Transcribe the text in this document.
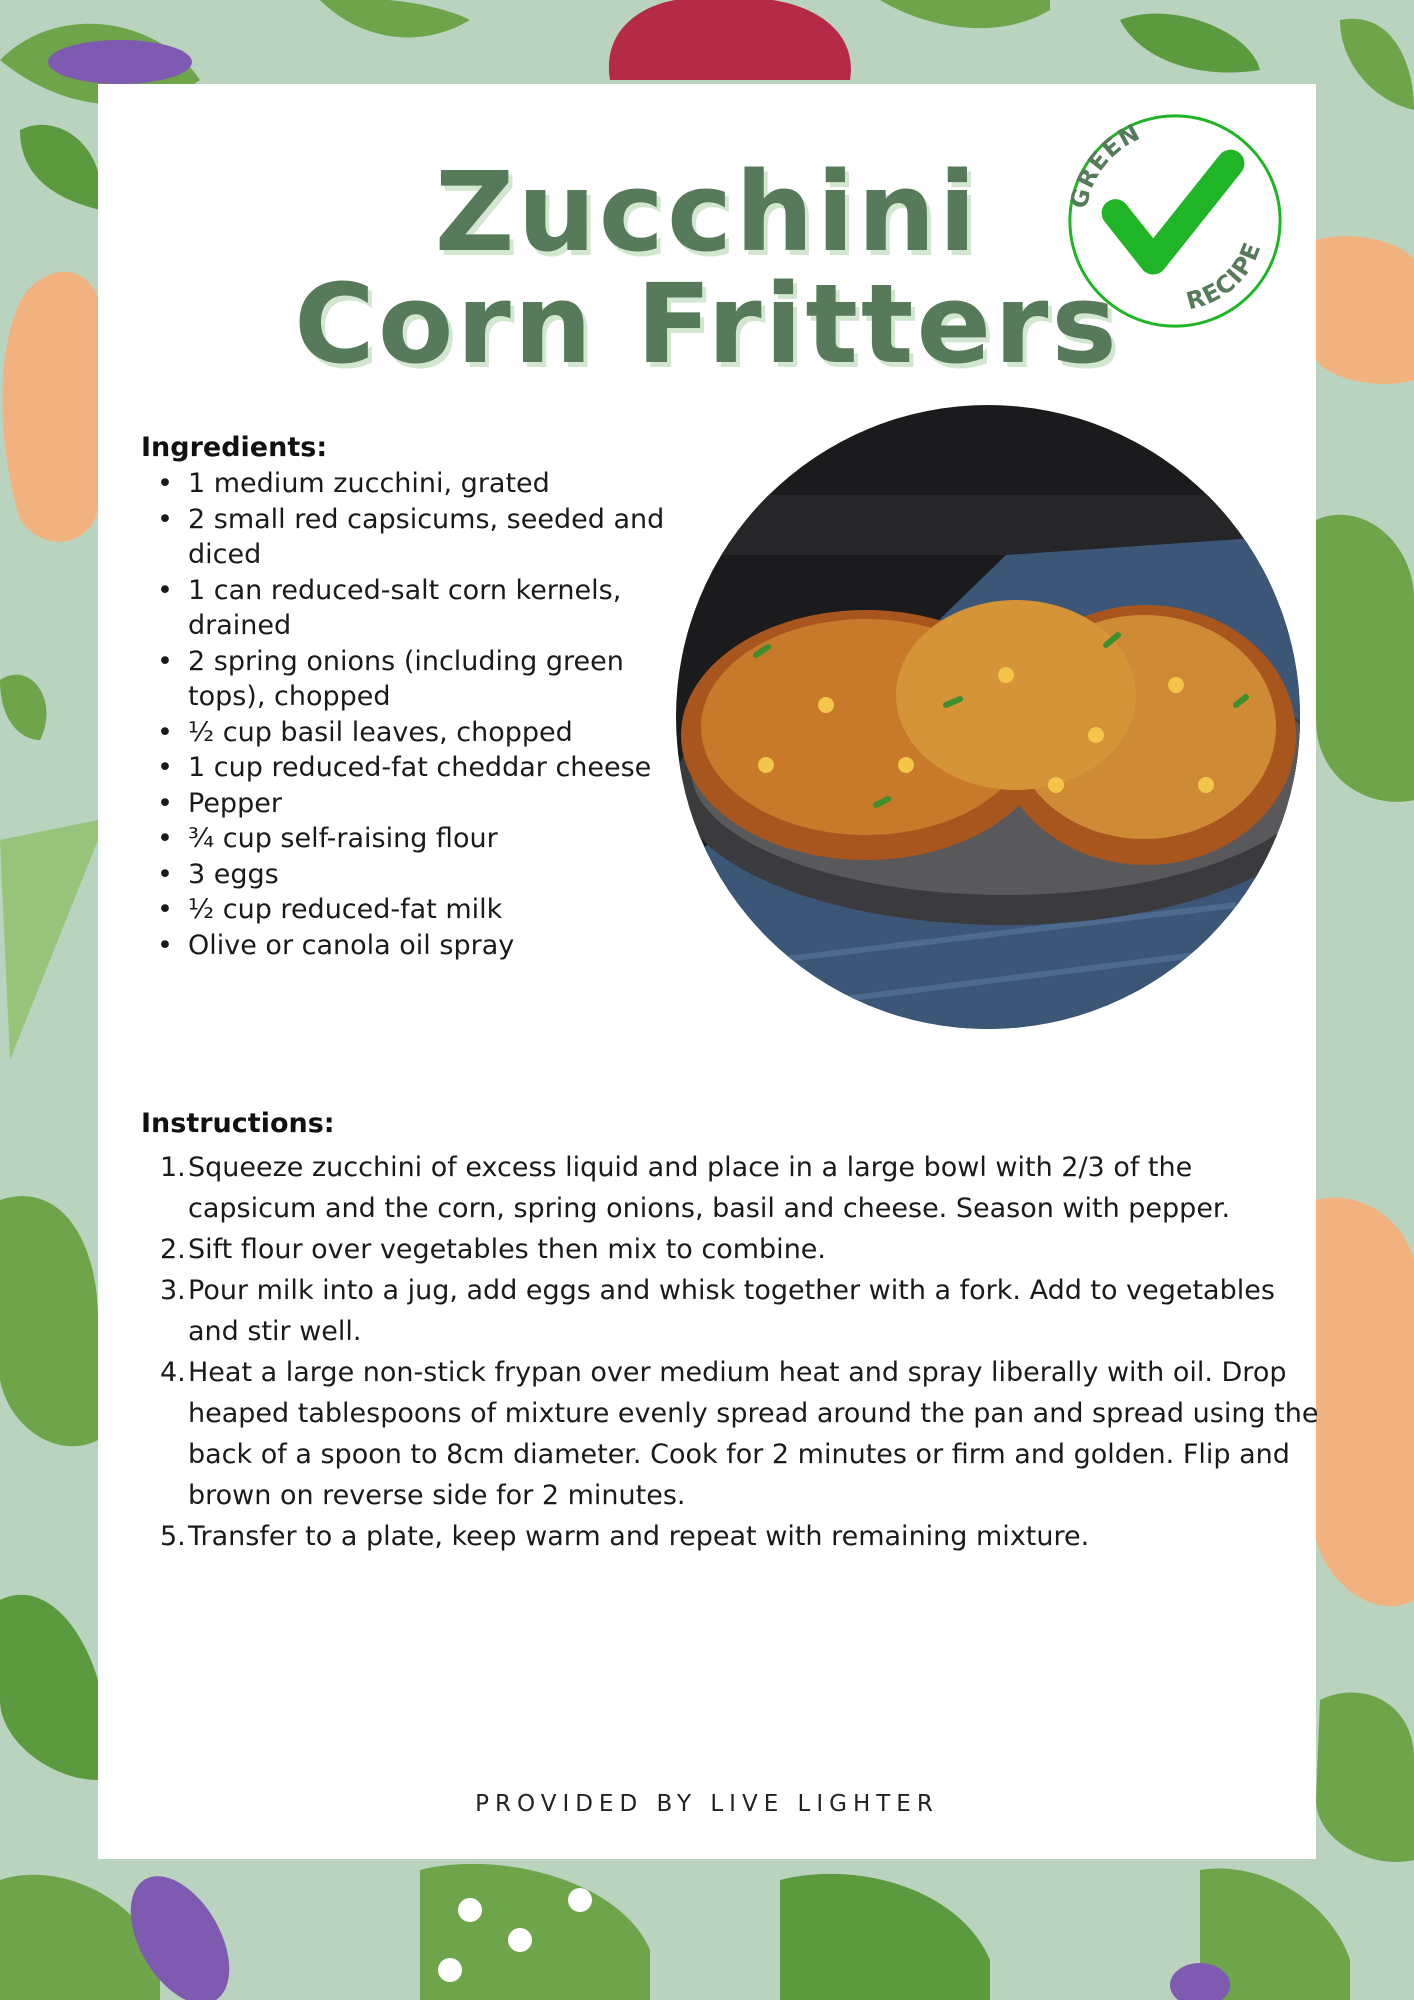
Zucchini
Corn Fritters
GREEN
RECIPE
Ingredients:
• 1 medium zucchini, grated
• 2 small red capsicums, seeded and diced
• 1 can reduced-salt corn kernels, drained
• 2 spring onions (including green tops), chopped
• ½ cup basil leaves, chopped
• 1 cup reduced-fat cheddar cheese
• Pepper
• ¾ cup self-raising flour
• 3 eggs
• ½ cup reduced-fat milk
• Olive or canola oil spray
Instructions:
1. Squeeze zucchini of excess liquid and place in a large bowl with 2/3 of the capsicum and the corn, spring onions, basil and cheese. Season with pepper.
2. Sift flour over vegetables then mix to combine.
3. Pour milk into a jug, add eggs and whisk together with a fork. Add to vegetables and stir well.
4. Heat a large non-stick frypan over medium heat and spray liberally with oil. Drop heaped tablespoons of mixture evenly spread around the pan and spread using the back of a spoon to 8cm diameter. Cook for 2 minutes or firm and golden. Flip and brown on reverse side for 2 minutes.
5. Transfer to a plate, keep warm and repeat with remaining mixture.

PROVIDED BY LIVE LIGHTER
